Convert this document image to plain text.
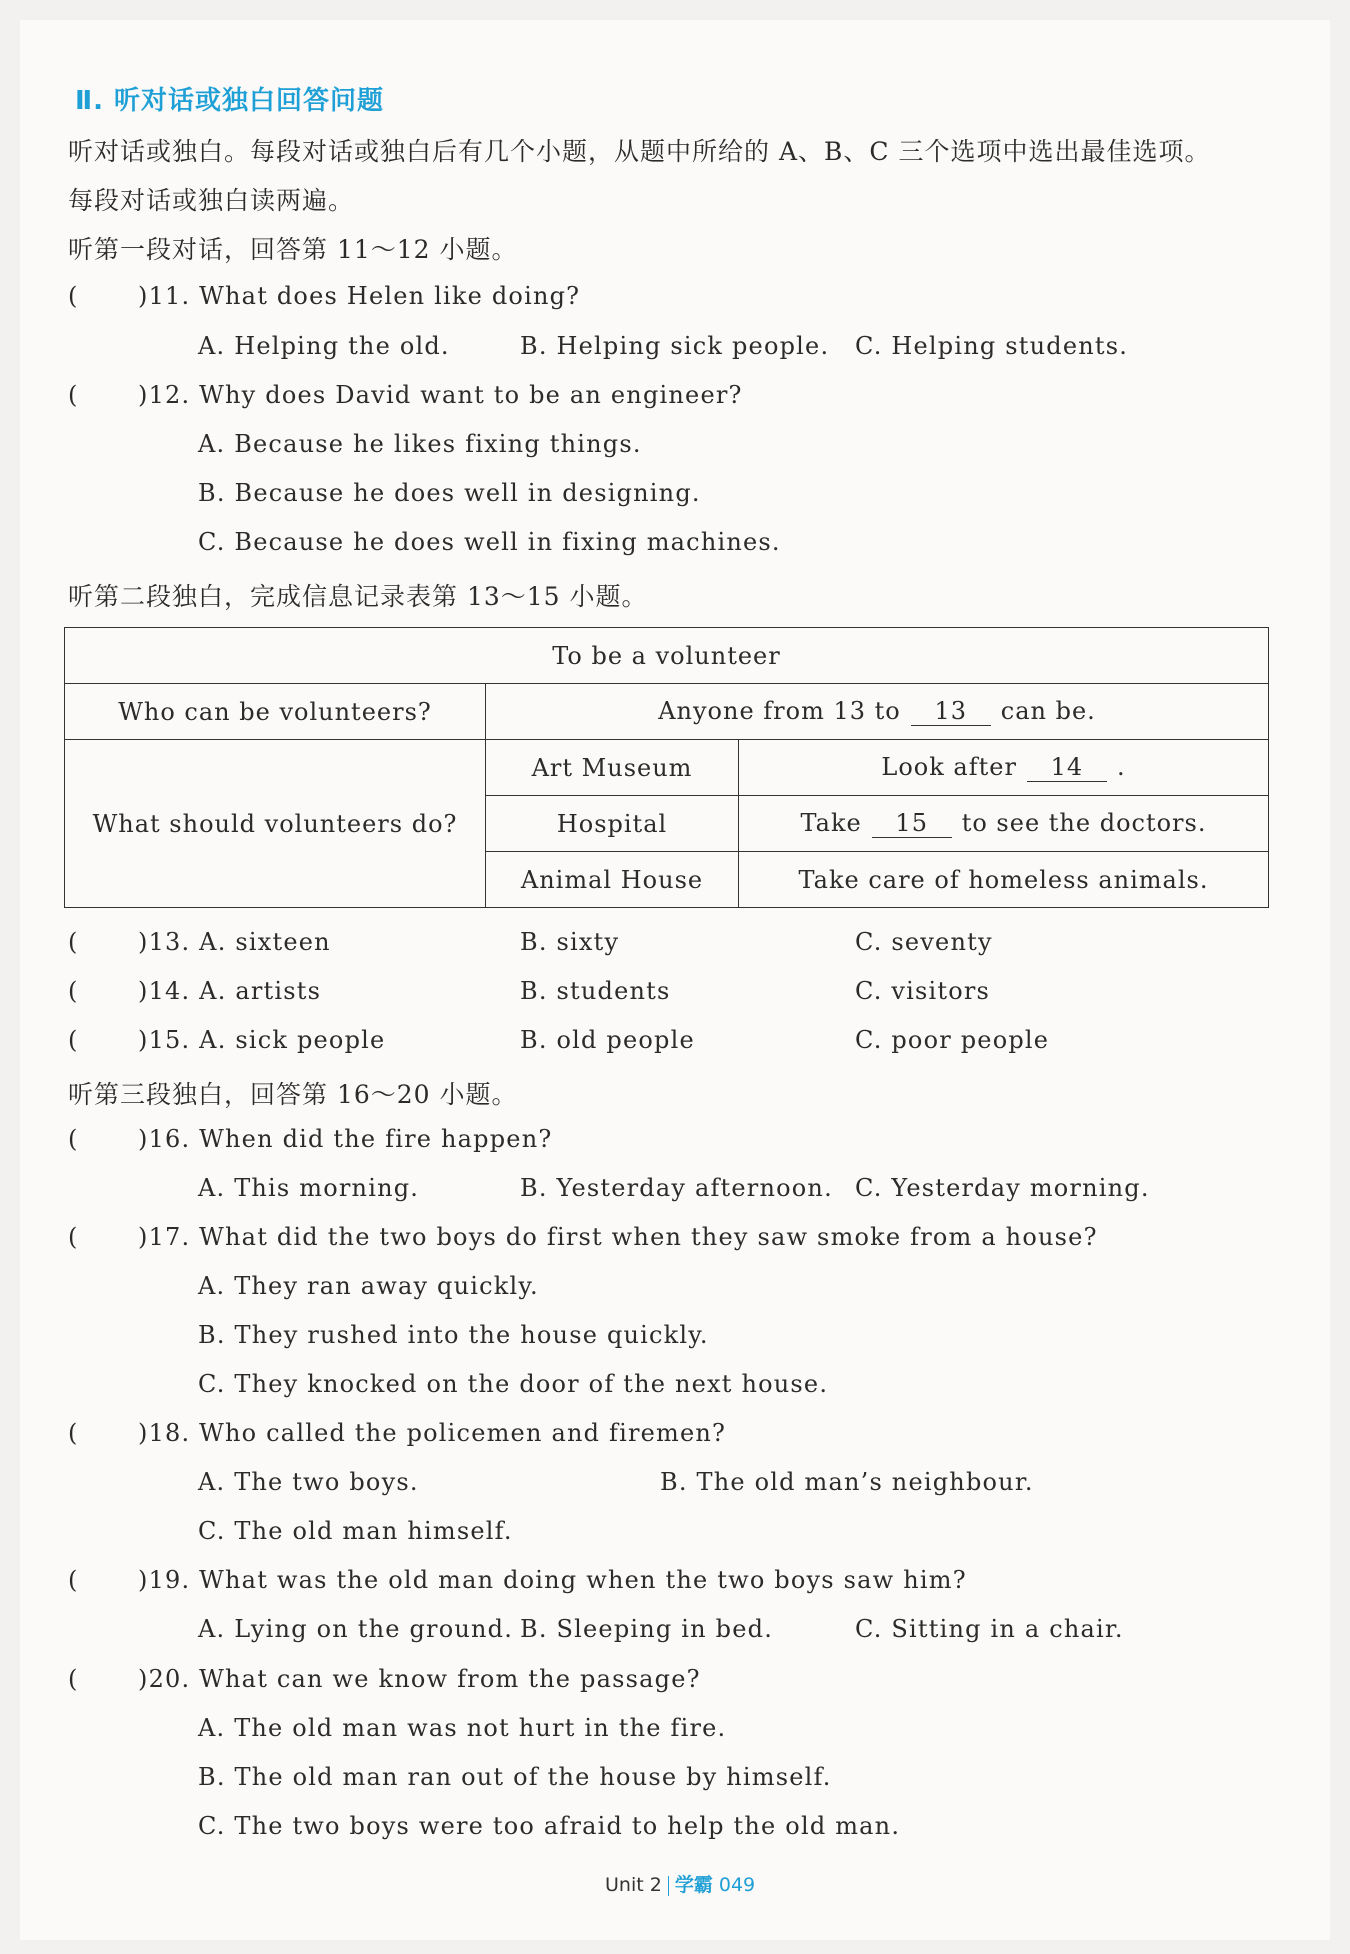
Ⅱ. 听对话或独白回答问题
听对话或独白。每段对话或独白后有几个小题，从题中所给的 A、B、C 三个选项中选出最佳选项。
每段对话或独白读两遍。
听第一段对话，回答第 11～12 小题。
(	)11. What does Helen like doing?
A. Helping the old.	B. Helping sick people. C. Helping students.
(	)12. Why does David want to be an engineer?
A. Because he likes fixing things.
B. Because he does well in designing.
C. Because he does well in fixing machines.
听第二段独白，完成信息记录表第 13～15 小题。
To be a volunteer		
Who can be volunteers?	Anyone from 13 to 13 can be.	
What should volunteers do?	Art Museum	Look after 14 .
	Hospital	Take 15 to see the doctors.
	Animal House	Take care of homeless animals.
(	)13. A. sixteen	B. sixty	C. seventy
(	)14. A. artists	B. students	C. visitors
(	)15. A. sick people	B. old people	C. poor people
听第三段独白，回答第 16～20 小题。
(	)16. When did the fire happen?
A. This morning.	B. Yesterday afternoon. C. Yesterday morning.
(	)17. What did the two boys do first when they saw smoke from a house?
A. They ran away quickly.
B. They rushed into the house quickly.
C. They knocked on the door of the next house.
(	)18. Who called the policemen and firemen?
A. The two boys.	B. The old man’s neighbour.
C. The old man himself.
(	)19. What was the old man doing when the two boys saw him?
A. Lying on the ground. B. Sleeping in bed.	C. Sitting in a chair.
(	)20. What can we know from the passage?
A. The old man was not hurt in the fire.
B. The old man ran out of the house by himself.
C. The two boys were too afraid to help the old man.
Unit 2 学霸 049
